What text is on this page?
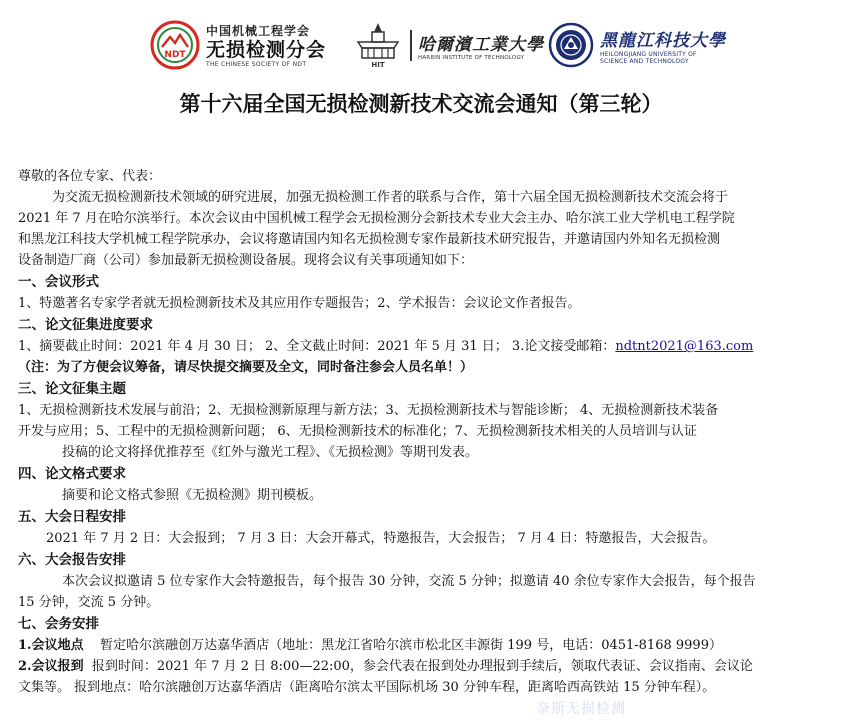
NDT
中国机械工程学会
无损检测分会
THE CHINESE SOCIETY OF NDT	HIT
哈爾濱工業大學
HARBIN INSTITUTE OF TECHNOLOGY
黑龍江科技大學
HEILONGJIANG UNIVERSITY OF
SCIENCE AND TECHNOLOGY
第十六届全国无损检测新技术交流会通知（第三轮）
尊敬的各位专家、代表：
为交流无损检测新技术领域的研究进展，加强无损检测工作者的联系与合作，第十六届全国无损检测新技术交流会将于
2021 年 7 月在哈尔滨举行。本次会议由中国机械工程学会无损检测分会新技术专业大会主办、哈尔滨工业大学机电工程学院
和黑龙江科技大学机械工程学院承办，会议将邀请国内知名无损检测专家作最新技术研究报告，并邀请国内外知名无损检测
设备制造厂商（公司）参加最新无损检测设备展。现将会议有关事项通知如下：
一、会议形式
1、特邀著名专家学者就无损检测新技术及其应用作专题报告；2、学术报告：会议论文作者报告。
二、论文征集进度要求
1、摘要截止时间：2021 年 4 月 30 日； 2、全文截止时间：2021 年 5 月 31 日； 3.论文接受邮箱：ndtnt2021@163.com
（注：为了方便会议筹备，请尽快提交摘要及全文，同时备注参会人员名单！）
三、论文征集主题
1、无损检测新技术发展与前沿；2、无损检测新原理与新方法；3、无损检测新技术与智能诊断； 4、无损检测新技术装备
开发与应用；5、工程中的无损检测新问题； 6、无损检测新技术的标准化；7、无损检测新技术相关的人员培训与认证
投稿的论文将择优推荐至《红外与激光工程》、《无损检测》等期刊发表。
四、论文格式要求
摘要和论文格式参照《无损检测》期刊模板。
五、大会日程安排
2021 年 7 月 2 日：大会报到； 7 月 3 日：大会开幕式，特邀报告，大会报告； 7 月 4 日：特邀报告，大会报告。
六、大会报告安排
本次会议拟邀请 5 位专家作大会特邀报告，每个报告 30 分钟，交流 5 分钟；拟邀请 40 余位专家作大会报告，每个报告
15 分钟，交流 5 分钟。
七、会务安排
1.会议地点 暂定哈尔滨融创万达嘉华酒店（地址：黑龙江省哈尔滨市松北区丰源街 199 号，电话：0451-8168 9999）
2.会议报到 报到时间：2021 年 7 月 2 日 8:00—22:00，参会代表在报到处办理报到手续后，领取代表证、会议指南、会议论
文集等。 报到地点：哈尔滨融创万达嘉华酒店（距离哈尔滨太平国际机场 30 分钟车程，距离哈西高铁站 15 分钟车程）。
奈斯无损检测
